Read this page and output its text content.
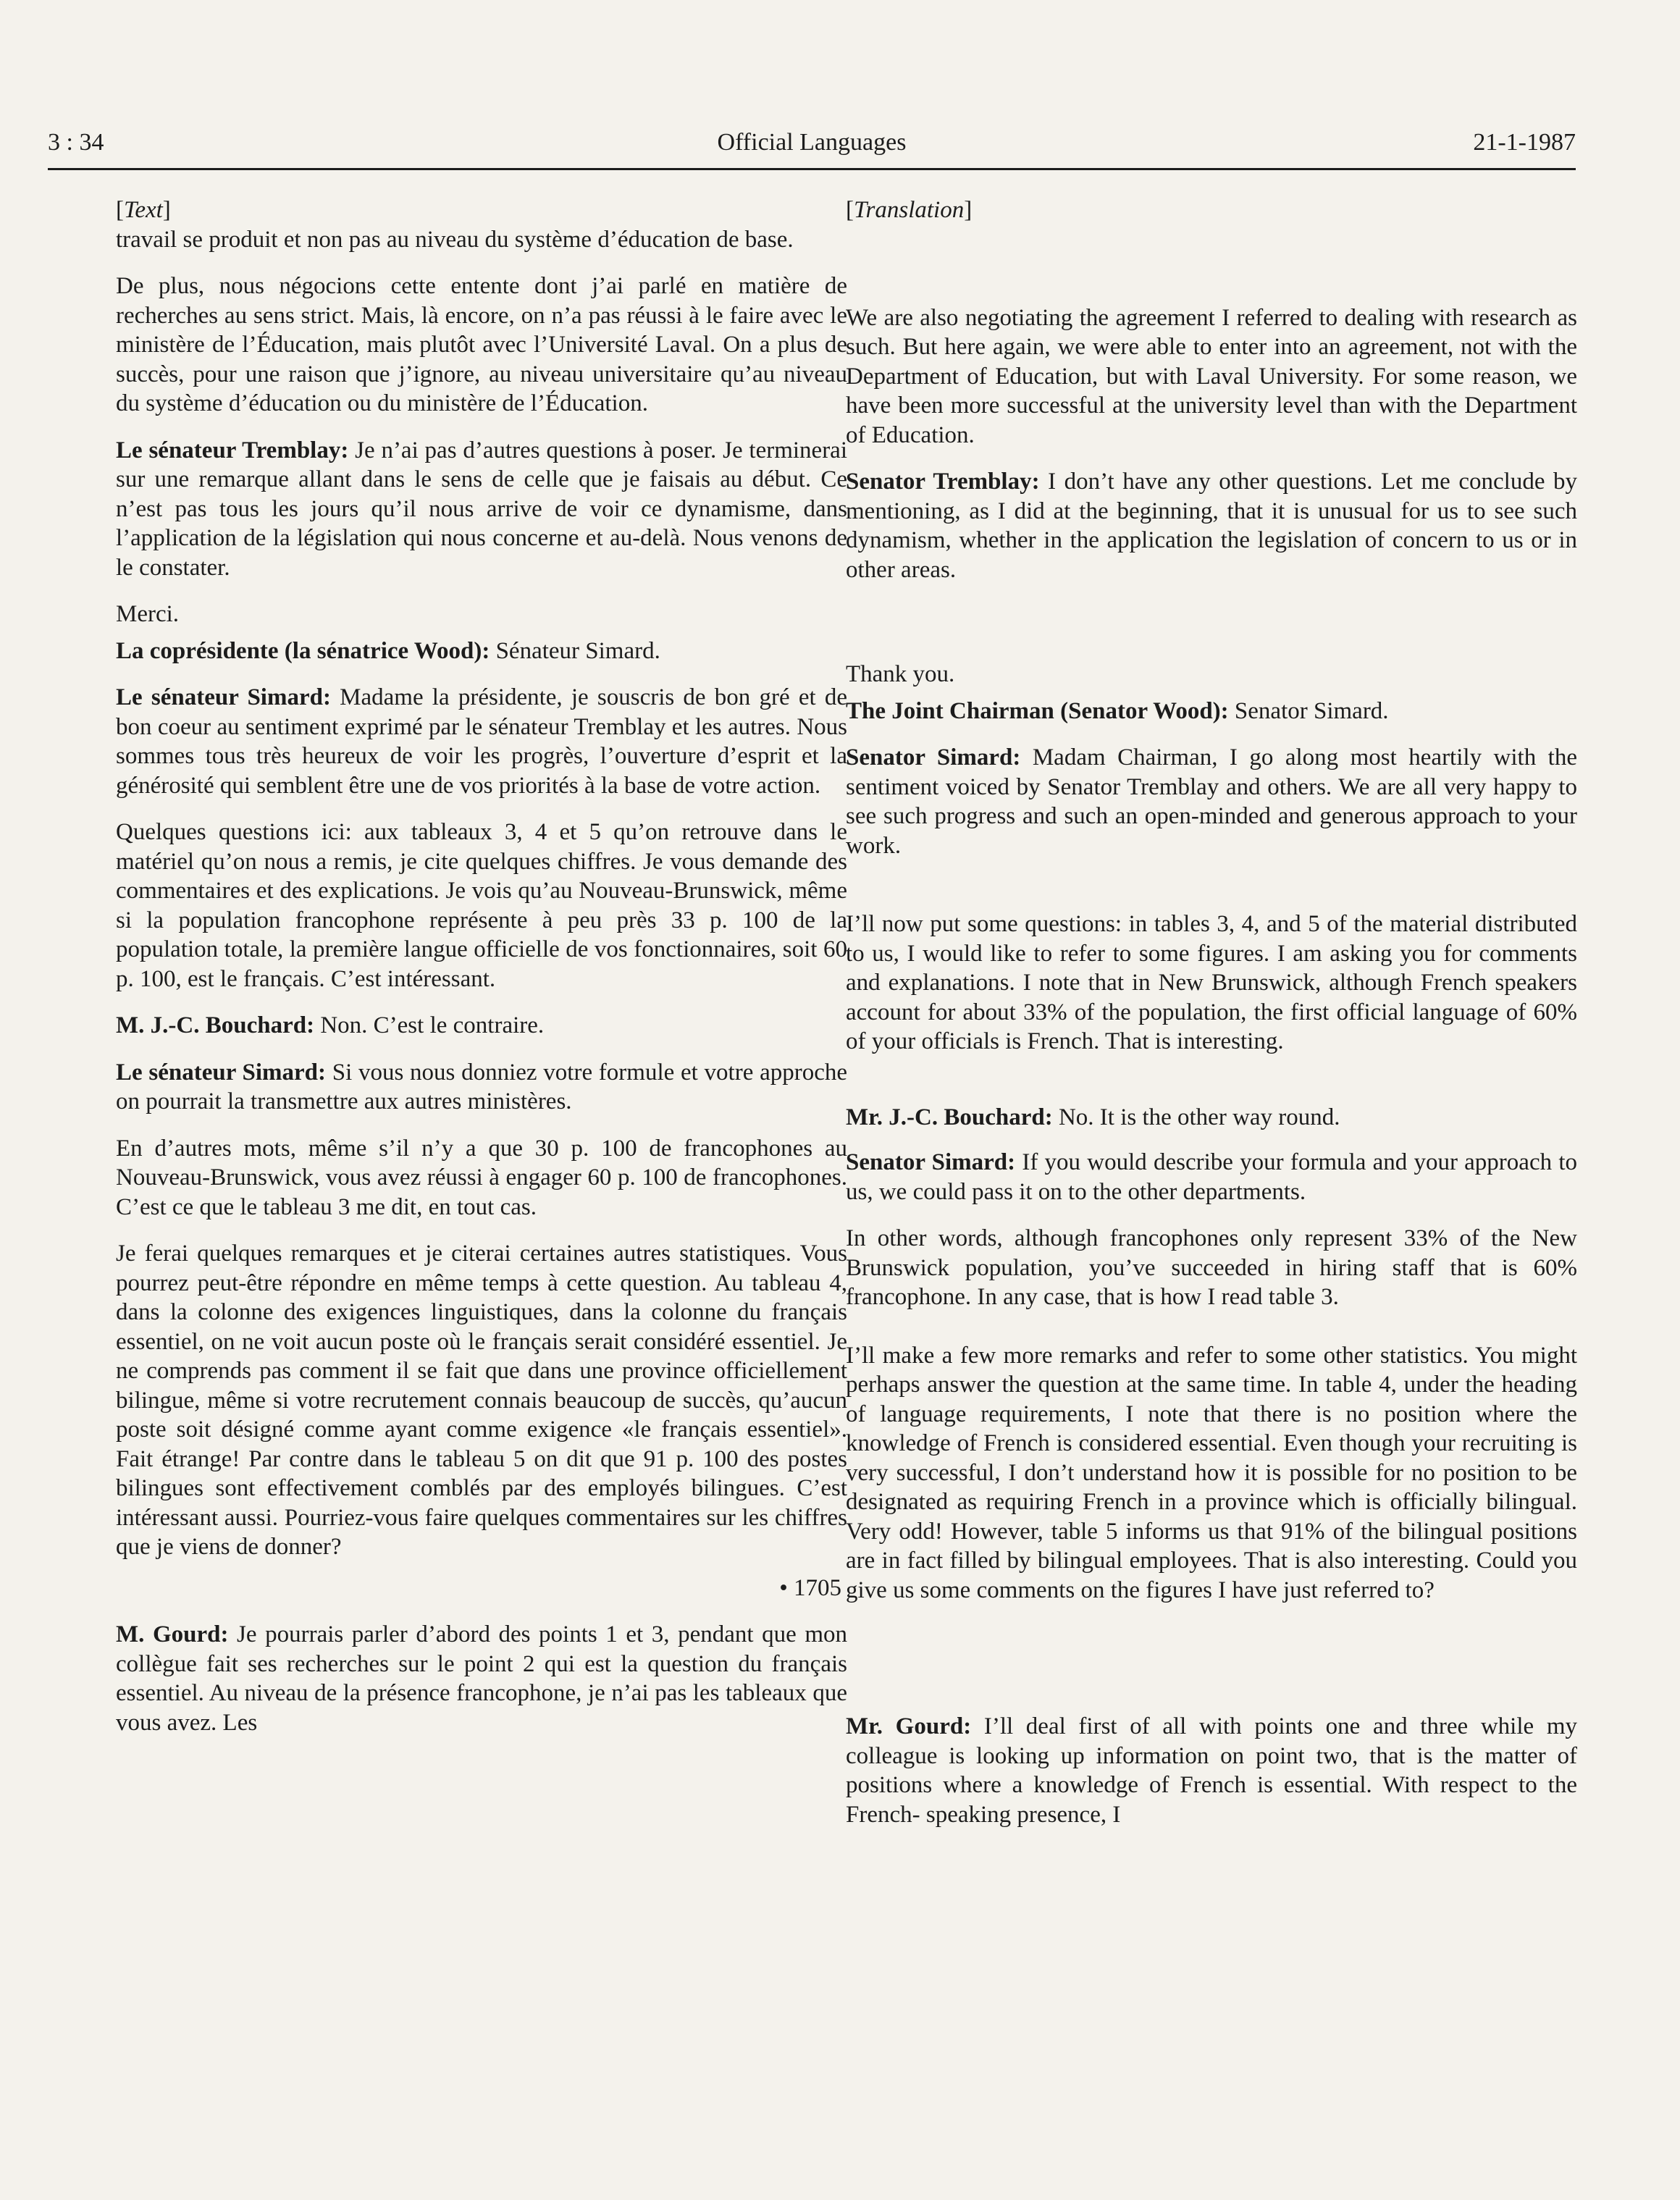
3 : 34	Official Languages	21-1-1987

[Text]

travail se produit et non pas au niveau du système d’éducation de base.

De plus, nous négocions cette entente dont j’ai parlé en matière de recherches au sens strict. Mais, là encore, on n’a pas réussi à le faire avec le ministère de l’Éducation, mais plutôt avec l’Université Laval. On a plus de succès, pour une raison que j’ignore, au niveau universitaire qu’au niveau du système d’éducation ou du ministère de l’Éducation.

Le sénateur Tremblay: Je n’ai pas d’autres questions à poser. Je terminerai sur une remarque allant dans le sens de celle que je faisais au début. Ce n’est pas tous les jours qu’il nous arrive de voir ce dynamisme, dans l’application de la législation qui nous concerne et au-delà. Nous venons de le constater.

Merci.

La coprésidente (la sénatrice Wood): Sénateur Simard.

Le sénateur Simard: Madame la présidente, je souscris de bon gré et de bon coeur au sentiment exprimé par le sénateur Tremblay et les autres. Nous sommes tous très heureux de voir les progrès, l’ouverture d’esprit et la générosité qui semblent être une de vos priorités à la base de votre action.

Quelques questions ici: aux tableaux 3, 4 et 5 qu’on retrouve dans le matériel qu’on nous a remis, je cite quelques chiffres. Je vous demande des commentaires et des explications. Je vois qu’au Nouveau-Brunswick, même si la population francophone représente à peu près 33 p. 100 de la population totale, la première langue officielle de vos fonctionnaires, soit 60 p. 100, est le français. C’est intéressant.

M. J.-C. Bouchard: Non. C’est le contraire.

Le sénateur Simard: Si vous nous donniez votre formule et votre approche on pourrait la transmettre aux autres ministères.

En d’autres mots, même s’il n’y a que 30 p. 100 de francophones au Nouveau-Brunswick, vous avez réussi à engager 60 p. 100 de francophones. C’est ce que le tableau 3 me dit, en tout cas.

Je ferai quelques remarques et je citerai certaines autres statistiques. Vous pourrez peut-être répondre en même temps à cette question. Au tableau 4, dans la colonne des exigences linguistiques, dans la colonne du français essentiel, on ne voit aucun poste où le français serait considéré essentiel. Je ne comprends pas comment il se fait que dans une province officiellement bilingue, même si votre recrutement connais beaucoup de succès, qu’aucun poste soit désigné comme ayant comme exigence «le français essentiel». Fait étrange! Par contre dans le tableau 5 on dit que 91 p. 100 des postes bilingues sont effectivement comblés par des employés bilingues. C’est intéressant aussi. Pourriez-vous faire quelques commentaires sur les chiffres que je viens de donner?

• 1705

M. Gourd: Je pourrais parler d’abord des points 1 et 3, pendant que mon collègue fait ses recherches sur le point 2 qui est la question du français essentiel. Au niveau de la présence francophone, je n’ai pas les tableaux que vous avez. Les

[Translation]

We are also negotiating the agreement I referred to dealing with research as such. But here again, we were able to enter into an agreement, not with the Department of Education, but with Laval University. For some reason, we have been more successful at the university level than with the Department of Education.

Senator Tremblay: I don’t have any other questions. Let me conclude by mentioning, as I did at the beginning, that it is unusual for us to see such dynamism, whether in the application the legislation of concern to us or in other areas.

Thank you.

The Joint Chairman (Senator Wood): Senator Simard.

Senator Simard: Madam Chairman, I go along most heartily with the sentiment voiced by Senator Tremblay and others. We are all very happy to see such progress and such an open-minded and generous approach to your work.

I’ll now put some questions: in tables 3, 4, and 5 of the material distributed to us, I would like to refer to some figures. I am asking you for comments and explanations. I note that in New Brunswick, although French speakers account for about 33% of the population, the first official language of 60% of your officials is French. That is interesting.

Mr. J.-C. Bouchard: No. It is the other way round.

Senator Simard: If you would describe your formula and your approach to us, we could pass it on to the other departments.

In other words, although francophones only represent 33% of the New Brunswick population, you’ve succeeded in hiring staff that is 60% francophone. In any case, that is how I read table 3.

I’ll make a few more remarks and refer to some other statistics. You might perhaps answer the question at the same time. In table 4, under the heading of language requirements, I note that there is no position where the knowledge of French is considered essential. Even though your recruiting is very successful, I don’t understand how it is possible for no position to be designated as requiring French in a province which is officially bilingual. Very odd! However, table 5 informs us that 91% of the bilingual positions are in fact filled by bilingual employees. That is also interesting. Could you give us some comments on the figures I have just referred to?

Mr. Gourd: I’ll deal first of all with points one and three while my colleague is looking up information on point two, that is the matter of positions where a knowledge of French is essential. With respect to the French- speaking presence, I
